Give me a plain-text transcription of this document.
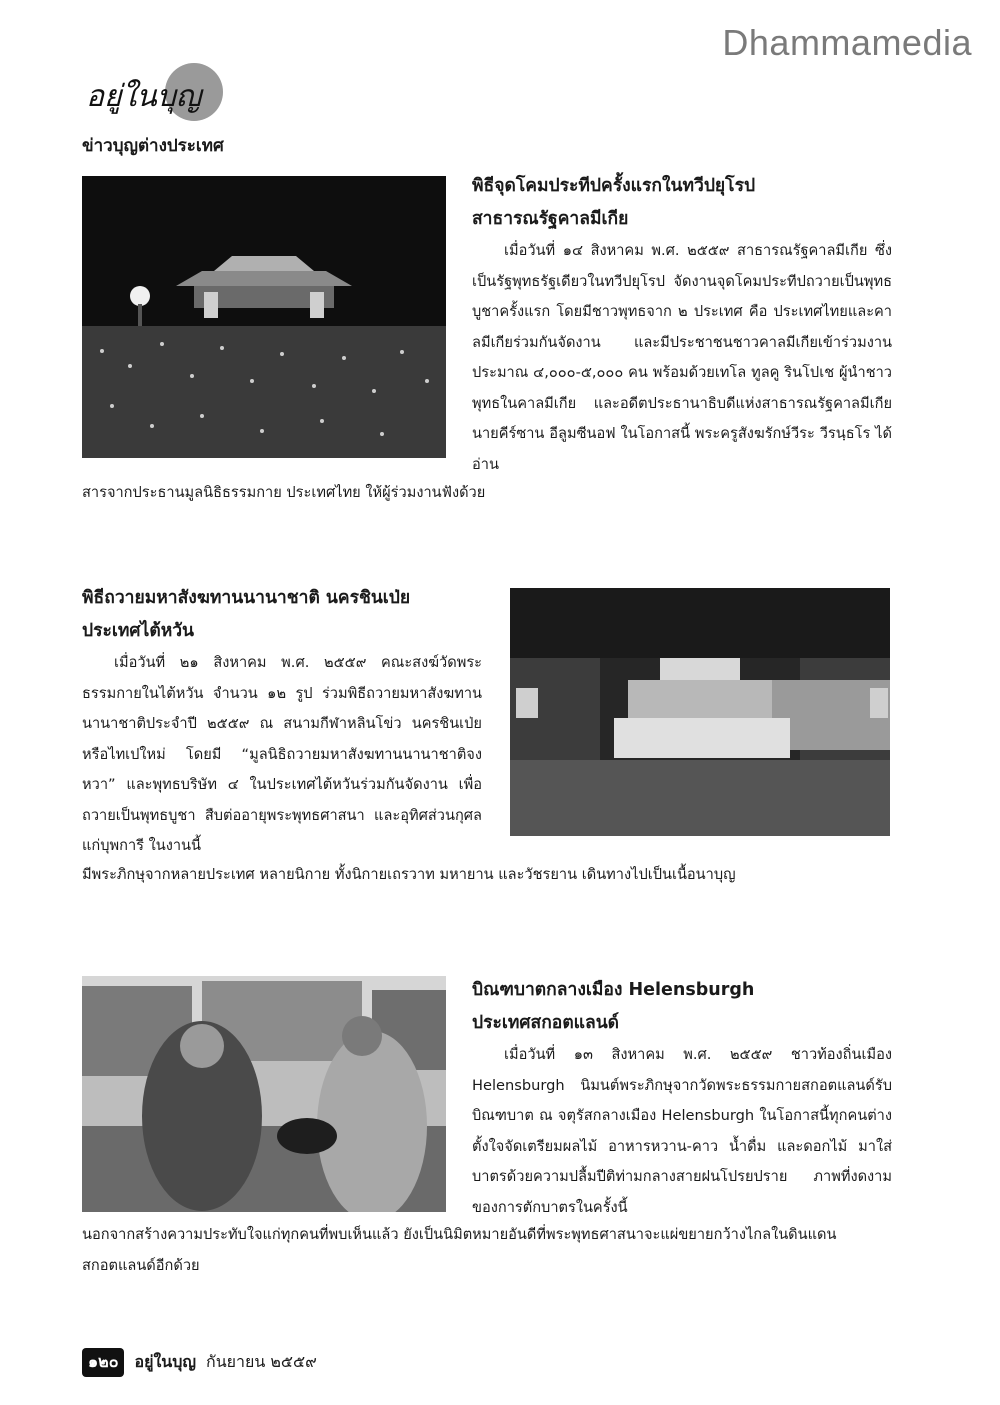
Dhammamedia
อยู่ในบุญ
ข่าวบุญต่างประเทศ
พิธีจุดโคมประทีปครั้งแรกในทวีปยุโรป
สาธารณรัฐคาลมีเกีย

เมื่อวันที่ ๑๔ สิงหาคม พ.ศ. ๒๕๕๙ สาธารณรัฐคาลมีเกีย ซึ่งเป็นรัฐพุทธรัฐเดียวในทวีปยุโรป จัดงานจุดโคมประทีปถวายเป็นพุทธบูชาครั้งแรก โดยมีชาวพุทธจาก ๒ ประเทศ คือ ประเทศไทยและคาลมีเกียร่วมกันจัดงาน และมีประชาชนชาวคาลมีเกียเข้าร่วมงานประมาณ ๔,๐๐๐-๕,๐๐๐ คน พร้อมด้วยเทโล ทูลคู รินโปเช ผู้นำชาวพุทธในคาลมีเกีย และอดีตประธานาธิบดีแห่งสาธารณรัฐคาลมีเกีย นายคีร์ซาน อีลูมซีนอฟ ในโอกาสนี้ พระครูสังฆรักษ์วีระ วีรนฺธโร ได้อ่าน

สารจากประธานมูลนิธิธรรมกาย ประเทศไทย ให้ผู้ร่วมงานฟังด้วย

พิธีถวายมหาสังฆทานนานาชาติ นครชินเป่ย
ประเทศไต้หวัน

เมื่อวันที่ ๒๑ สิงหาคม พ.ศ. ๒๕๕๙ คณะสงฆ์วัดพระธรรมกายในไต้หวัน จำนวน ๑๒ รูป ร่วมพิธีถวายมหาสังฆทานนานาชาติประจำปี ๒๕๕๙ ณ สนามกีฬาหลินโข่ว นครชินเป่ยหรือไทเปใหม่ โดยมี “มูลนิธิถวายมหาสังฆทานนานาชาติจงหวา” และพุทธบริษัท ๔ ในประเทศไต้หวันร่วมกันจัดงาน เพื่อถวายเป็นพุทธบูชา สืบต่ออายุพระพุทธศาสนา และอุทิศส่วนกุศลแก่บุพการี ในงานนี้

มีพระภิกษุจากหลายประเทศ หลายนิกาย ทั้งนิกายเถรวาท มหายาน และวัชรยาน เดินทางไปเป็นเนื้อนาบุญ

บิณฑบาตกลางเมือง Helensburgh
ประเทศสกอตแลนด์

เมื่อวันที่ ๑๓ สิงหาคม พ.ศ. ๒๕๕๙ ชาวท้องถิ่นเมือง Helensburgh นิมนต์พระภิกษุจากวัดพระธรรมกายสกอตแลนด์รับบิณฑบาต ณ จตุรัสกลางเมือง Helensburgh ในโอกาสนี้ทุกคนต่างตั้งใจจัดเตรียมผลไม้ อาหารหวาน-คาว น้ำดื่ม และดอกไม้ มาใส่บาตรด้วยความปลื้มปีติท่ามกลางสายฝนโปรยปราย ภาพที่งดงามของการตักบาตรในครั้งนี้

นอกจากสร้างความประทับใจแก่ทุกคนที่พบเห็นแล้ว ยังเป็นนิมิตหมายอันดีที่พระพุทธศาสนาจะแผ่ขยายกว้างไกลในดินแดนสกอตแลนด์อีกด้วย

๑๒๐	อยู่ในบุญ กันยายน ๒๕๕๙
